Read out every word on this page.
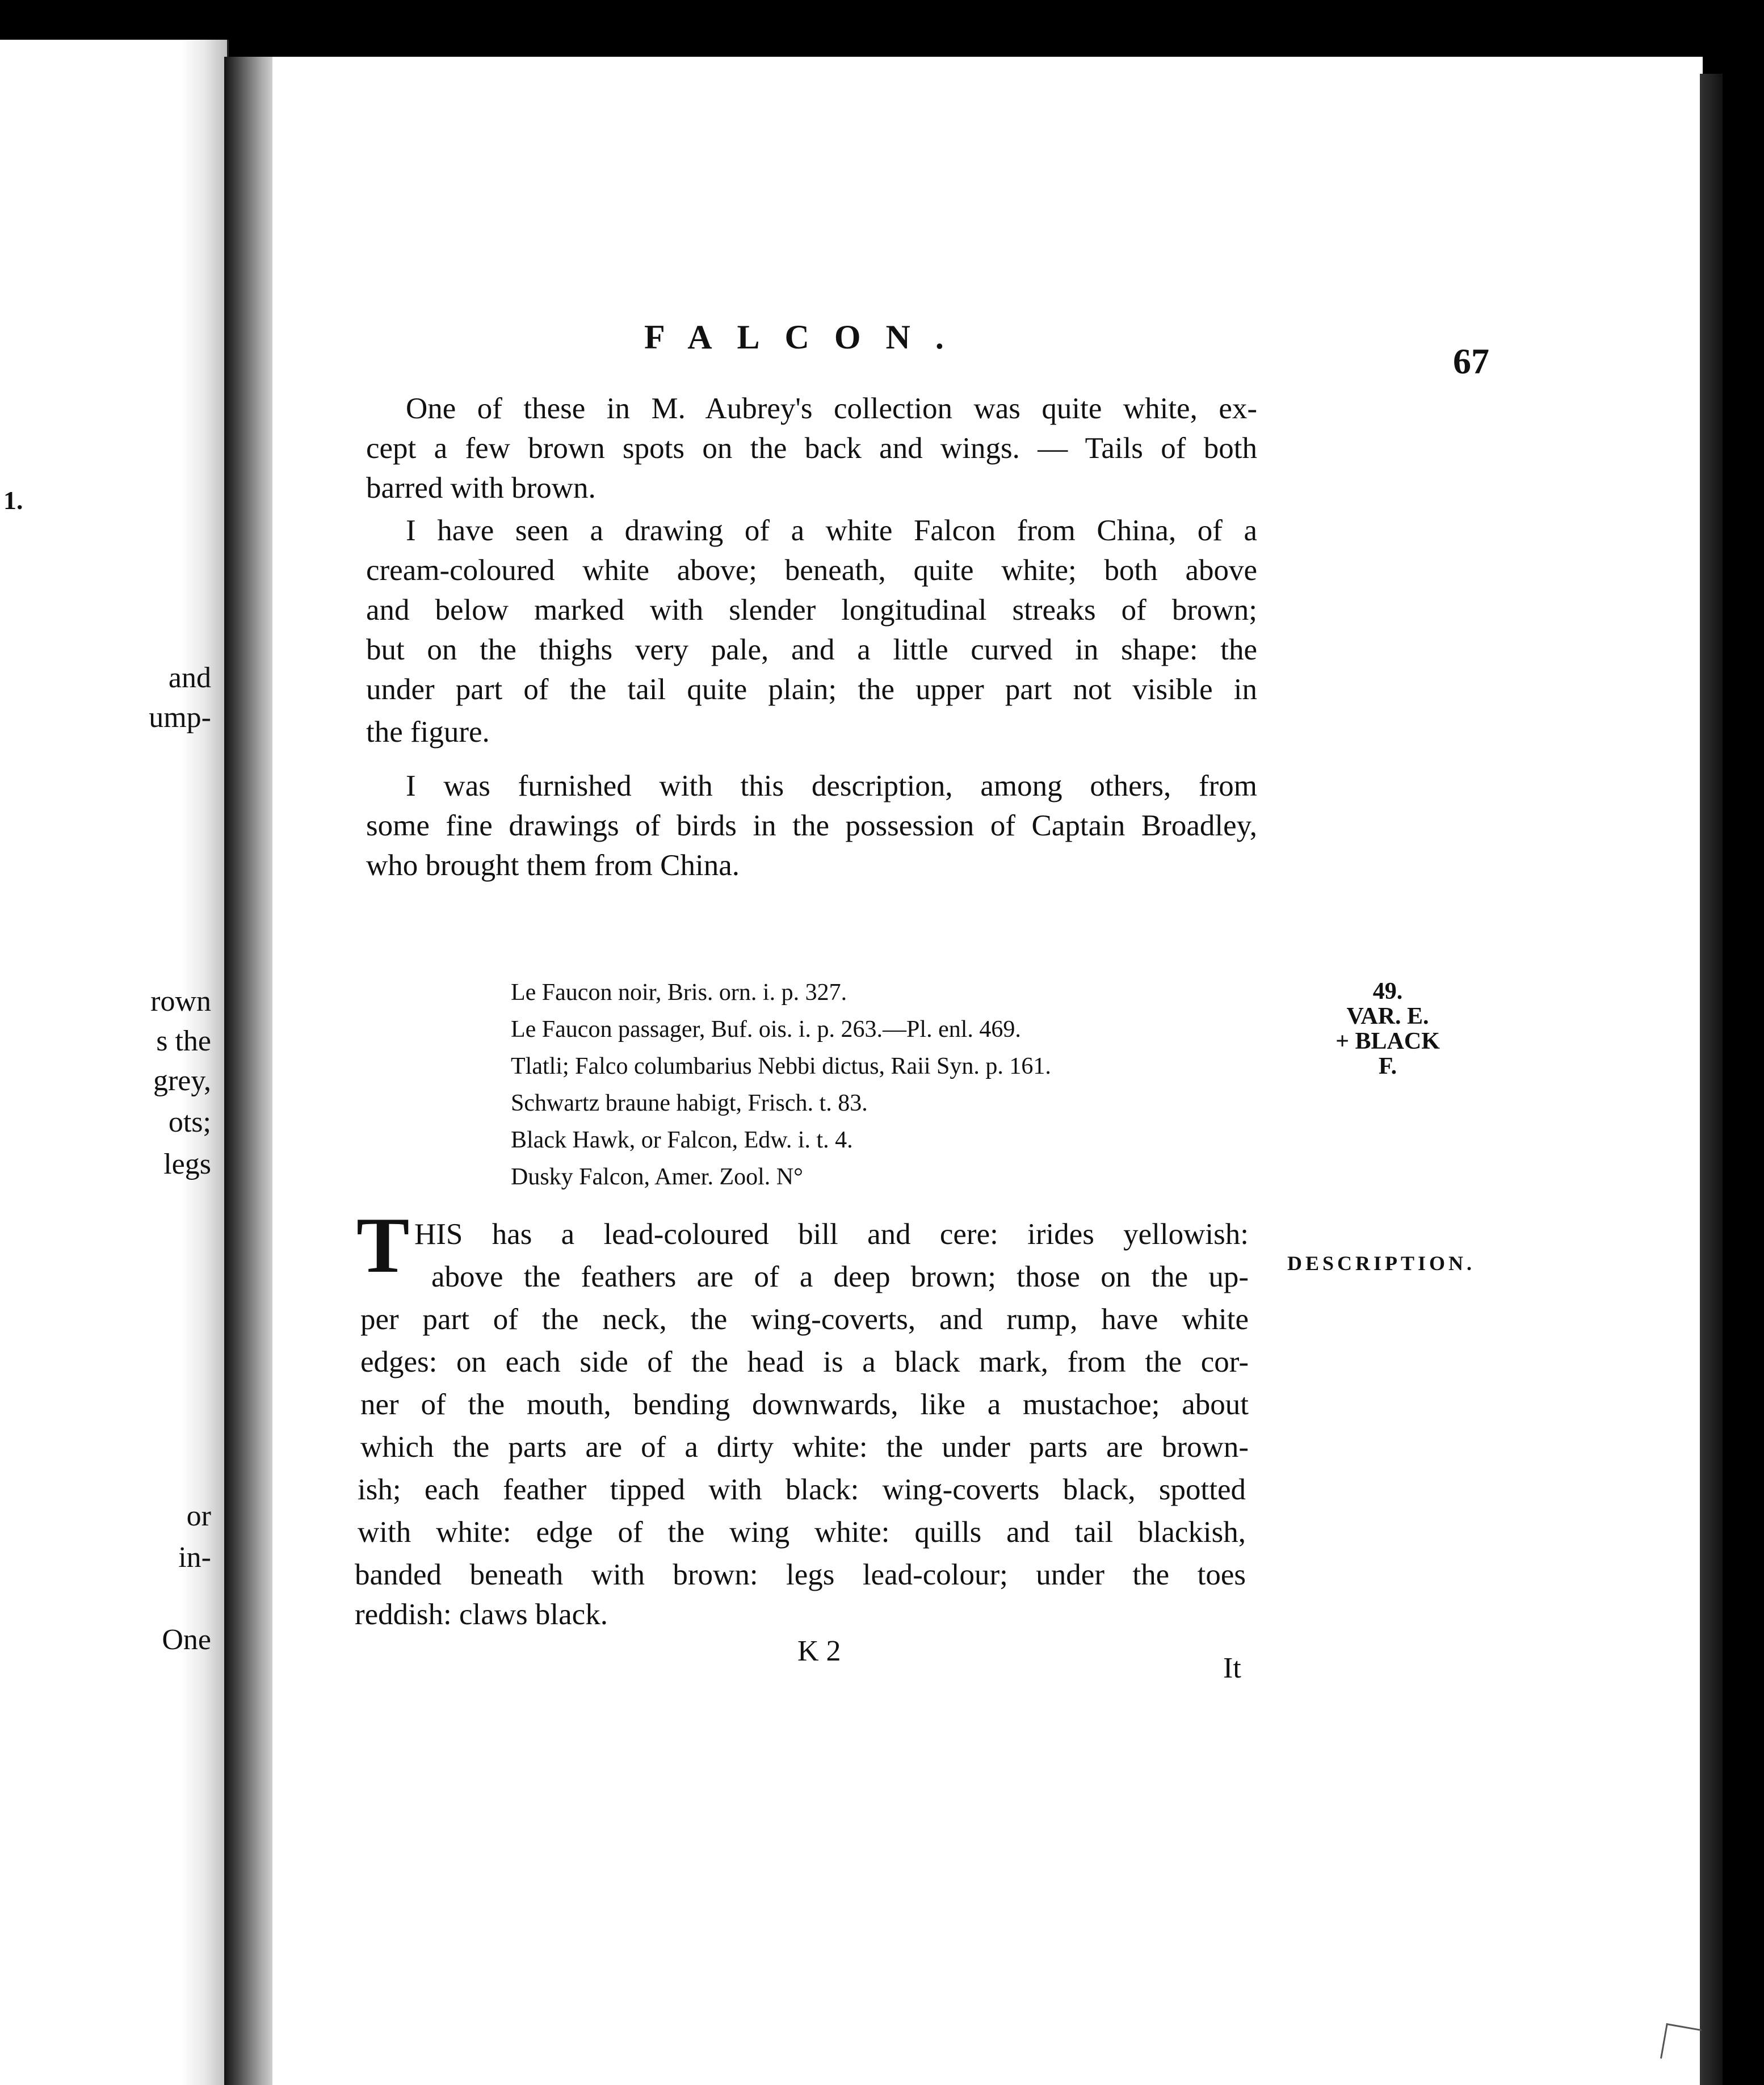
1.
and
ump-
rown
s the
grey,
ots;
legs
or
in-
One
FALCON.
67
One of these in M. Aubrey's collection was quite white, ex-
cept a few brown spots on the back and wings. — Tails of both
barred with brown.
I have seen a drawing of a white Falcon from China, of a
cream-coloured white above; beneath, quite white; both above
and below marked with slender longitudinal streaks of brown;
but on the thighs very pale, and a little curved in shape: the
under part of the tail quite plain; the upper part not visible in
the figure.
I was furnished with this description, among others, from
some fine drawings of birds in the possession of Captain Broadley,
who brought them from China.
Le Faucon noir, Bris. orn. i. p. 327.
Le Faucon passager, Buf. ois. i. p. 263.—Pl. enl. 469.
Tlatli; Falco columbarius Nebbi dictus, Raii Syn. p. 161.
Schwartz braune habigt, Frisch. t. 83.
Black Hawk, or Falcon, Edw. i. t. 4.
Dusky Falcon, Amer. Zool. N°
49.
VAR. E.
+ BLACK
F.
DESCRIPTION.
T HIS has a lead-coloured bill and cere: irides yellowish:
above the feathers are of a deep brown; those on the up-
per part of the neck, the wing-coverts, and rump, have white
edges: on each side of the head is a black mark, from the cor-
ner of the mouth, bending downwards, like a mustachoe; about
which the parts are of a dirty white: the under parts are brown-
ish; each feather tipped with black: wing-coverts black, spotted
with white: edge of the wing white: quills and tail blackish,
banded beneath with brown: legs lead-colour; under the toes
reddish: claws black.
K 2
It
